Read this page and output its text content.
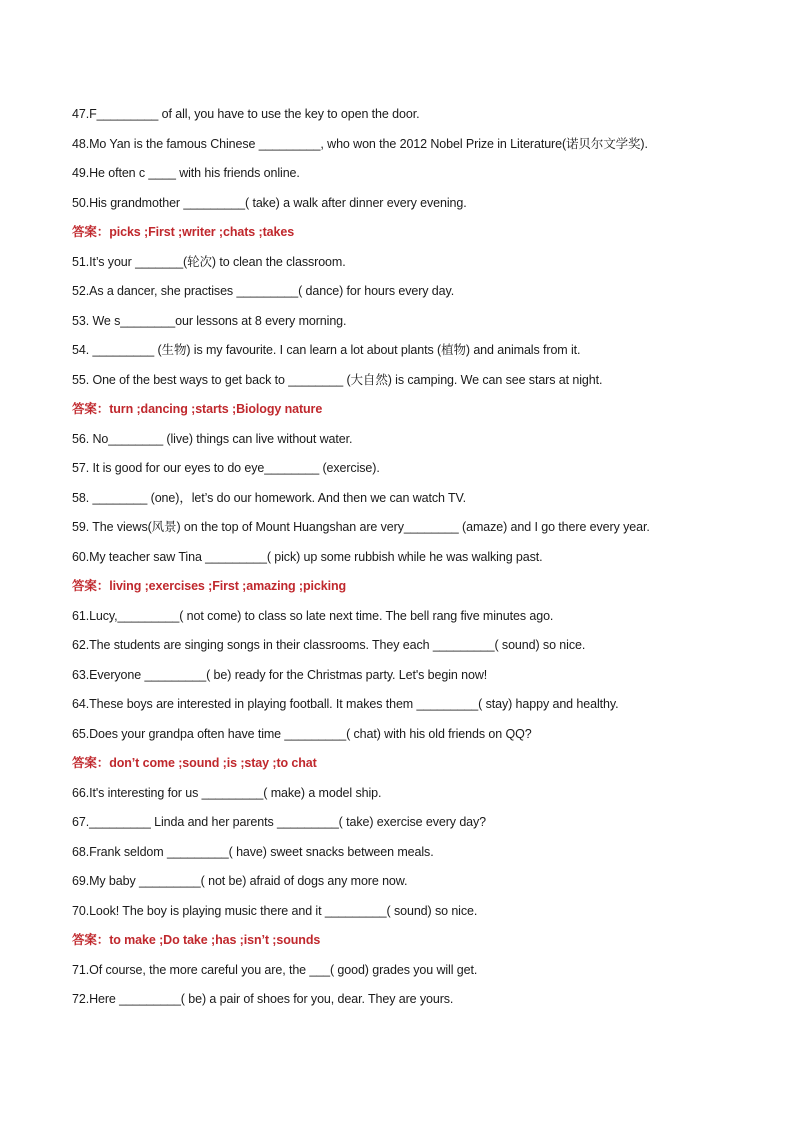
47.F_________ of all, you have to use the key to open the door.
48.Mo Yan is the famous Chinese _________, who won the 2012 Nobel Prize in Literature(诺贝尔文学奖).
49.He often c ____ with his friends online.
50.His grandmother _________( take) a walk after dinner every evening.
答案：picks ;First ;writer ;chats ;takes
51.It’s your _______(轮次) to clean the classroom.
52.As a dancer, she practises _________( dance) for hours every day.
53. We s________our lessons at 8 every morning.
54. _________ (生物) is my favourite. I can learn a lot about plants (植物) and animals from it.
55. One of the best ways to get back to ________ (大自然) is camping. We can see stars at night.
答案：turn ;dancing ;starts ;Biology nature
56. No________ (live) things can live without water.
57. It is good for our eyes to do eye________ (exercise).
58. ________ (one)，let’s do our homework. And then we can watch TV.
59. The views(风景) on the top of Mount Huangshan are very________ (amaze) and I go there every year.
60.My teacher saw Tina _________( pick) up some rubbish while he was walking past.
答案：living ;exercises ;First ;amazing ;picking
61.Lucy,_________( not come) to class so late next time. The bell rang five minutes ago.
62.The students are singing songs in their classrooms. They each _________( sound) so nice.
63.Everyone _________( be) ready for the Christmas party. Let's begin now!
64.These boys are interested in playing football. It makes them _________( stay) happy and healthy.
65.Does your grandpa often have time _________( chat) with his old friends on QQ?
答案：don’t come ;sound ;is ;stay ;to chat
66.It's interesting for us _________( make) a model ship.
67._________ Linda and her parents _________( take) exercise every day?
68.Frank seldom _________( have) sweet snacks between meals.
69.My baby _________( not be) afraid of dogs any more now.
70.Look! The boy is playing music there and it _________( sound) so nice.
答案：to make ;Do take ;has ;isn’t ;sounds
71.Of course, the more careful you are, the ___( good) grades you will get.
72.Here _________( be) a pair of shoes for you, dear. They are yours.
